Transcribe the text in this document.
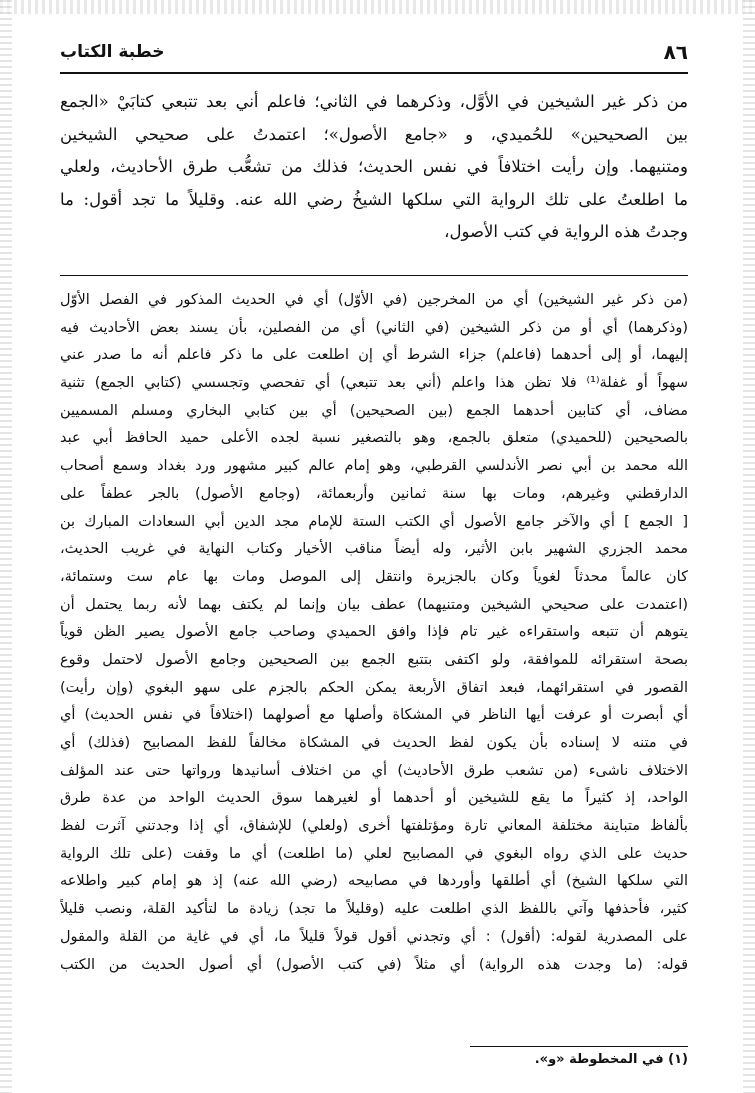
٨٦
خطبة الكتاب
من ذكر غير الشيخين في الأوَّل، وذكرهما في الثاني؛ فاعلم أني بعد تتبعي كتابَيْ «الجمع
بين الصحيحين» للحُميدي، و «جامع الأصول»؛ اعتمدتُ على صحيحي الشيخين
ومتنيهما. وإن رأيت اختلافاً في نفس الحديث؛ فذلك من تشعُّب طرق الأحاديث، ولعلي
ما اطلعتُ على تلك الرواية التي سلكها الشيخُ رضي الله عنه. وقليلاً ما تجد أقول: ما
وجدتُ هذه الرواية في كتب الأصول،
(من ذكر غير الشيخين) أي من المخرجين (في الأوّل) أي في الحديث المذكور في الفصل الأوّل
(وذكرهما) أي أو من ذكر الشيخين (في الثاني) أي من الفصلين، بأن يسند بعض الأحاديث فيه
إليهما، أو إلى أحدهما (فاعلم) جزاء الشرط أي إن اطلعت على ما ذكر فاعلم أنه ما صدر عني
سهواً أو غفلة⁽¹⁾ فلا تظن هذا واعلم (أني بعد تتبعي) أي تفحصي وتجسسي (كتابي الجمع) تثنية
مضاف، أي كتابين أحدهما الجمع (بين الصحيحين) أي بين كتابي البخاري ومسلم المسميين
بالصحيحين (للحميدي) متعلق بالجمع، وهو بالتصغير نسبة لجده الأعلى حميد الحافظ أبي عبد
الله محمد بن أبي نصر الأندلسي القرطبي، وهو إمام عالم كبير مشهور ورد بغداد وسمع أصحاب
الدارقطني وغيرهم، ومات بها سنة ثمانين وأربعمائة، (وجامع الأصول) بالجر عطفاً على
[ الجمع ] أي والآخر جامع الأصول أي الكتب الستة للإمام مجد الدين أبي السعادات المبارك بن
محمد الجزري الشهير بابن الأثير، وله أيضاً مناقب الأخيار وكتاب النهاية في غريب الحديث،
كان عالماً محدثاً لغوياً وكان بالجزيرة وانتقل إلى الموصل ومات بها عام ست وستمائة،
(اعتمدت على صحيحي الشيخين ومتنيهما) عطف بيان وإنما لم يكتف بهما لأنه ربما يحتمل أن
يتوهم أن تتبعه واستقراءه غير تام فإذا وافق الحميدي وصاحب جامع الأصول يصير الظن قوياً
بصحة استقرائه للموافقة، ولو اكتفى بتتبع الجمع بين الصحيحين وجامع الأصول لاحتمل وقوع
القصور في استقرائهما، فبعد اتفاق الأربعة يمكن الحكم بالجزم على سهو البغوي (وإن رأيت)
أي أبصرت أو عرفت أيها الناظر في المشكاة وأصلها مع أصولهما (اختلافاً في نفس الحديث) أي
في متنه لا إسناده بأن يكون لفظ الحديث في المشكاة مخالفاً للفظ المصابيح (فذلك) أي
الاختلاف ناشىء (من تشعب طرق الأحاديث) أي من اختلاف أسانيدها ورواتها حتى عند المؤلف
الواحد، إذ كثيراً ما يقع للشيخين أو أحدهما أو لغيرهما سوق الحديث الواحد من عدة طرق
بألفاظ متباينة مختلفة المعاني تارة ومؤتلفتها أخرى (ولعلي) للإشفاق، أي إذا وجدتني آثرت لفظ
حديث على الذي رواه البغوي في المصابيح لعلي (ما اطلعت) أي ما وقفت (على تلك الرواية
التي سلكها الشيخ) أي أطلقها وأوردها في مصابيحه (رضي الله عنه) إذ هو إمام كبير واطلاعه
كثير، فأحذفها وآتي باللفظ الذي اطلعت عليه (وقليلاً ما تجد) زيادة ما لتأكيد القلة، ونصب قليلاً
على المصدرية لقوله: (أقول) : أي وتجدني أقول قولاً قليلاً ما، أي في غاية من القلة والمقول
قوله: (ما وجدت هذه الرواية) أي مثلاً (في كتب الأصول) أي أصول الحديث من الكتب
(١) في المخطوطة «و».
